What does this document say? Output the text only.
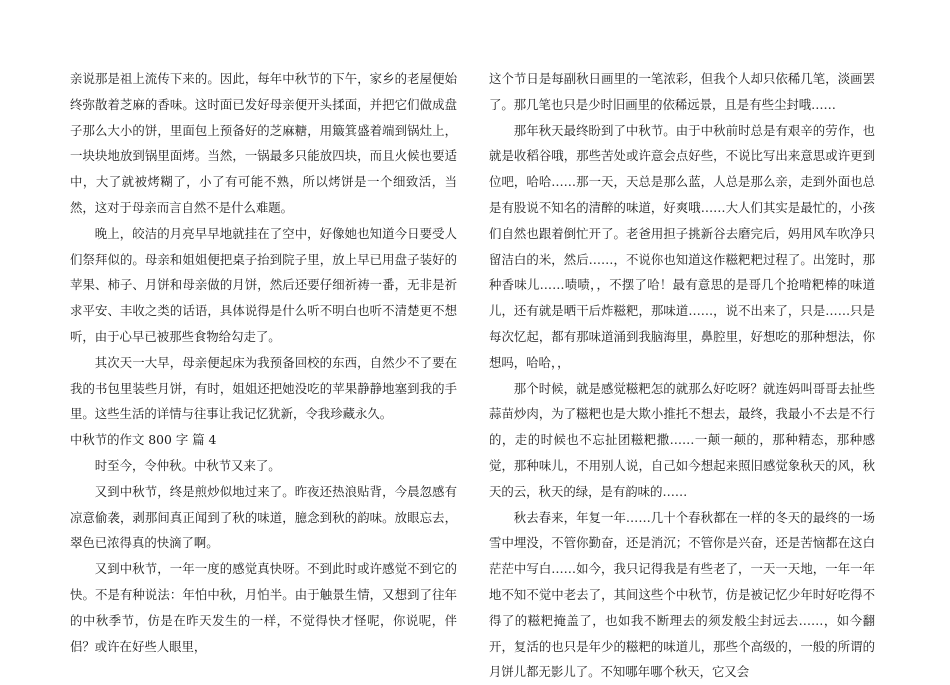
亲说那是祖上流传下来的。因此，每年中秋节的下午，家乡的老屋便始终弥散着芝麻的香味。这时面已发好母亲便开头揉面，并把它们做成盘子那么大小的饼，里面包上预备好的芝麻糖，用簸箕盛着端到锅灶上，一块块地放到锅里面烤。当然，一锅最多只能放四块，而且火候也要适中，大了就被烤糊了，小了有可能不熟，所以烤饼是一个细致活，当然，这对于母亲而言自然不是什么难题。

晚上，皎洁的月亮早早地就挂在了空中，好像她也知道今日要受人们祭拜似的。母亲和姐姐便把桌子抬到院子里，放上早已用盘子装好的苹果、柿子、月饼和母亲做的月饼，然后还要仔细祈祷一番，无非是祈求平安、丰收之类的话语，具体说得是什么听不明白也听不清楚更不想听，由于心早已被那些食物给勾走了。

其次天一大早，母亲便起床为我预备回校的东西，自然少不了要在我的书包里装些月饼，有时，姐姐还把她没吃的苹果静静地塞到我的手里。这些生活的详情与往事让我记忆犹新，令我珍藏永久。

中秋节的作文 800 字 篇 4

时至今，令仲秋。中秋节又来了。

又到中秋节，终是煎炒似地过来了。昨夜还热浪贴背，今晨忽感有凉意偷袭，剥那间真正闻到了秋的味道，臆念到秋的韵味。放眼忘去，翠色已浓得真的快滴了啊。

又到中秋节，一年一度的感觉真快呀。不到此时或许感觉不到它的快。不是有种说法：年怕中秋，月怕半。由于触景生情，又想到了往年的中秋季节，仿是在昨天发生的一样，不觉得快才怪呢，你说呢，伴侣？或许在好些人眼里，

这个节日是每副秋日画里的一笔浓彩，但我个人却只依稀几笔，淡画罢了。那几笔也只是少时旧画里的依稀远景，且是有些尘封哦……

那年秋天最终盼到了中秋节。由于中秋前时总是有艰辛的劳作，也就是收稻谷哦，那些苦处或许意会点好些，不说比写出来意思或许更到位吧，哈哈……那一天，天总是那么蓝，人总是那么亲，走到外面也总是有股说不知名的清醉的味道，好爽哦……大人们其实是最忙的，小孩们自然也跟着倒忙开了。老爸用担子挑新谷去磨完后，妈用风车吹净只留洁白的米，然后……，不说你也知道这作糍粑粑过程了。出笼时，那种香味儿……啧啧，，不摆了哈！最有意思的是哥几个抢啃粑棒的味道儿，还有就是晒干后炸糍粑，那味道……，说不出来了，只是……只是每次忆起，都有那味道涌到我脑海里，鼻腔里，好想吃的那种想法，你想吗，哈哈，，

那个时候，就是感觉糍粑怎的就那么好吃呀？就连妈叫哥哥去扯些蒜苗炒肉，为了糍粑也是大欺小推托不想去，最终，我最小不去是不行的，走的时候也不忘扯团糍粑撒……一颠一颠的，那种精态，那种感觉，那种味儿，不用别人说，自己如今想起来照旧感觉象秋天的风，秋天的云，秋天的绿，是有韵味的……

秋去春来，年复一年……几十个春秋都在一样的冬天的最终的一场雪中埋没，不管你勤奋，还是消沉；不管你是兴奋，还是苦恼都在这白茫茫中写白……如今，我只记得我是有些老了，一天一天地，一年一年地不知不觉中老去了，其间这些个中秋节，仿是被记忆少年时好吃得不得了的糍粑掩盖了，也如我不断理去的须发般尘封远去……，如今翻开，复活的也只是年少的糍粑的味道儿，那些个高级的，一般的所谓的月饼儿都无影儿了。不知哪年哪个秋天，它又会
